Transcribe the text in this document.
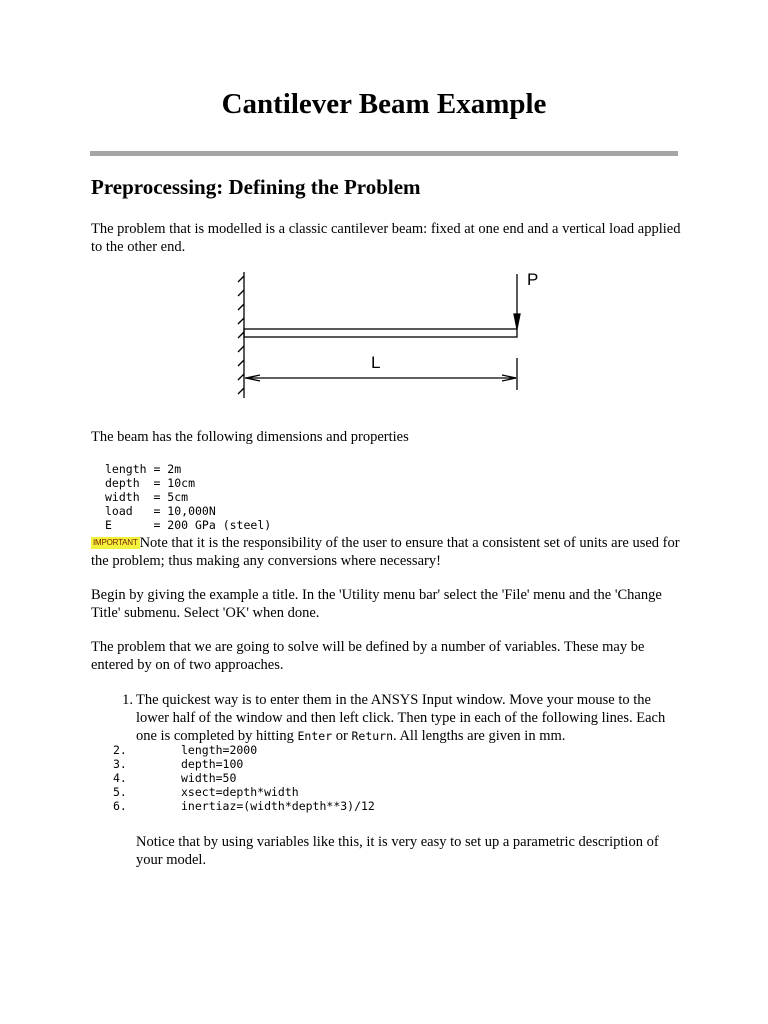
Cantilever Beam Example
Preprocessing: Defining the Problem

The problem that is modelled is a classic cantilever beam: fixed at one end and a vertical load applied to the other end.

P
L

The beam has the following dimensions and properties

length = 2m
depth  = 10cm
width  = 5cm
load   = 10,000N
E      = 200 GPa (steel)

IMPORTANT Note that it is the responsibility of the user to ensure that a consistent set of units are used for the problem; thus making any conversions where necessary!

Begin by giving the example a title. In the 'Utility menu bar' select the 'File' menu and the 'Change Title' submenu. Select 'OK' when done.

The problem that we are going to solve will be defined by a number of variables. These may be entered by on of two approaches.

1. The quickest way is to enter them in the ANSYS Input window. Move your mouse to the lower half of the window and then left click. Then type in each of the following lines. Each one is completed by hitting Enter or Return. All lengths are given in mm.

2.	length=2000
3.	depth=100
4.	width=50
5.	xsect=depth*width
6.	inertiaz=(width*depth**3)/12

Notice that by using variables like this, it is very easy to set up a parametric description of your model.
